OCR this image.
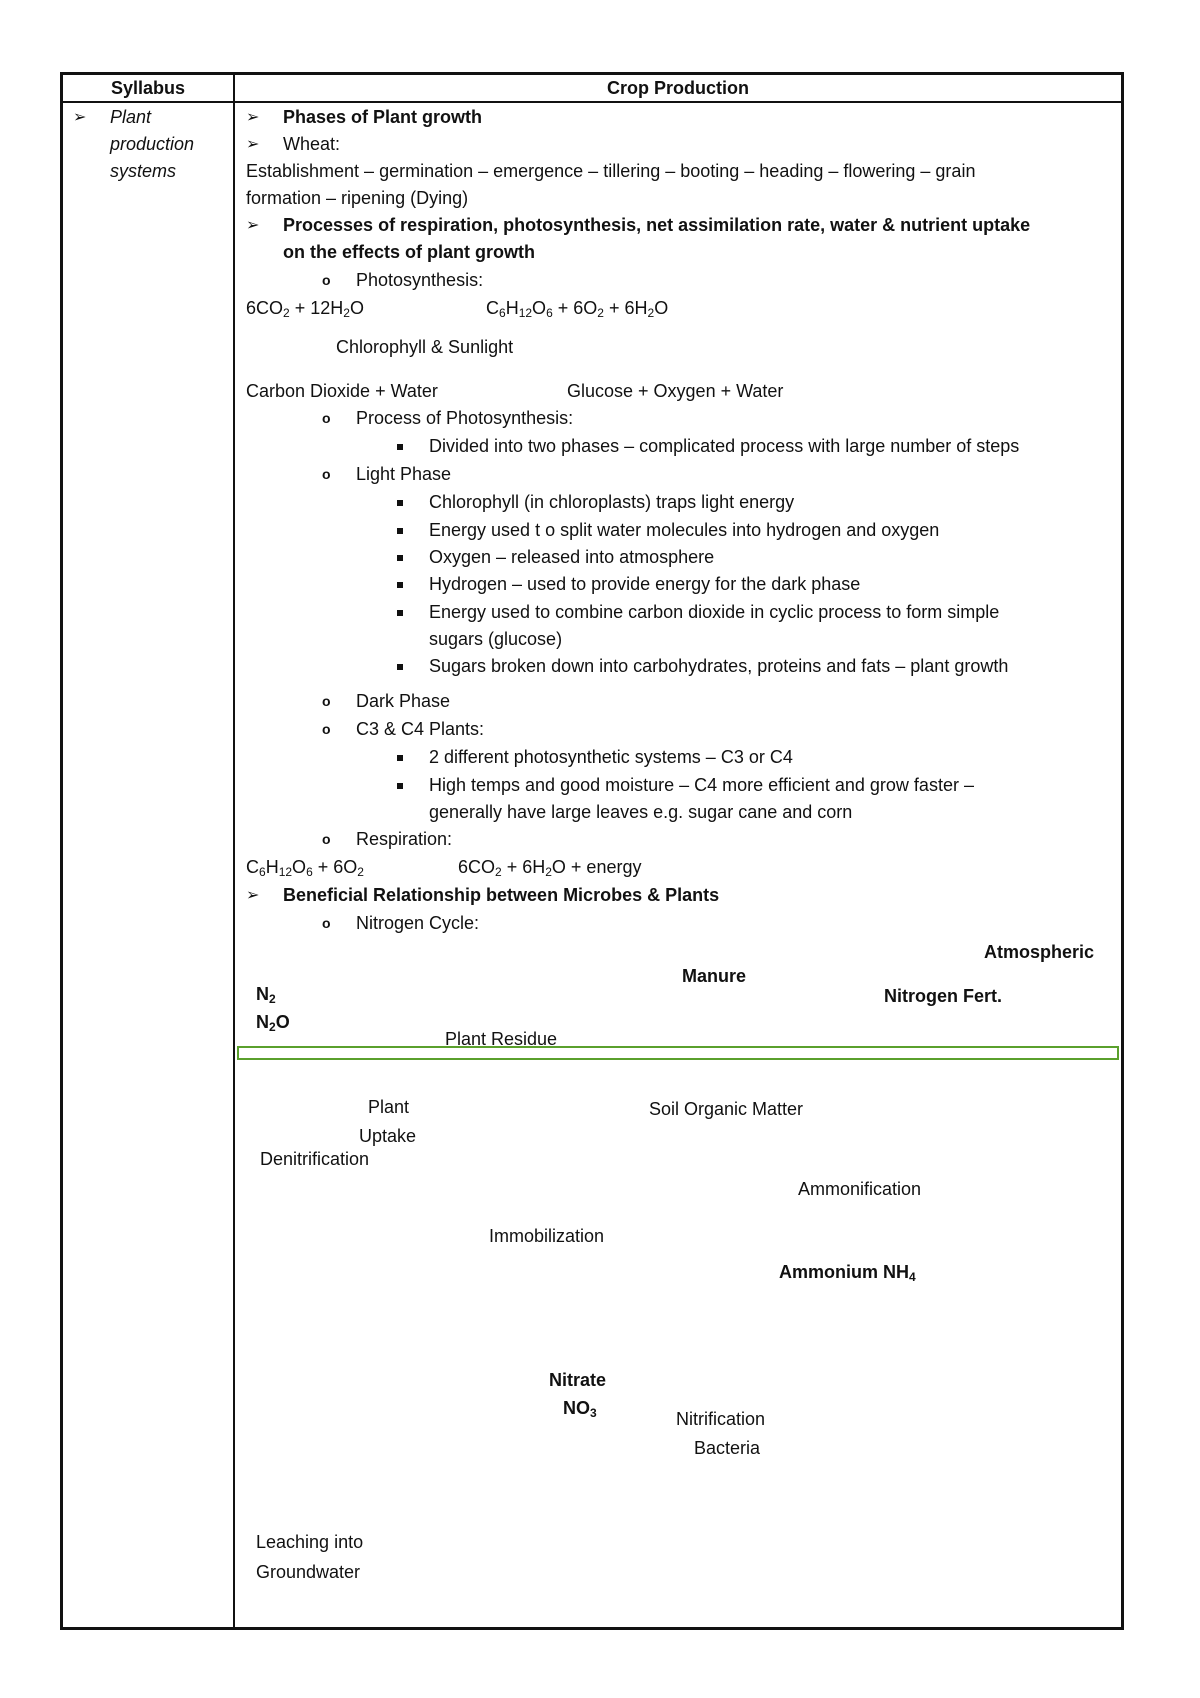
Syllabus	Crop Production
➢ Plant
production
systems
➢ Phases of Plant growth
➢ Wheat:
Establishment – germination – emergence – tillering – booting – heading – flowering – grain
formation – ripening (Dying)
➢ Processes of respiration, photosynthesis, net assimilation rate, water & nutrient uptake
on the effects of plant growth
o Photosynthesis:
$6CO_2 + 12H_2O$	$C_6H_{12}O_6 + 6O_2 + 6H_2O$
Chlorophyll & Sunlight
Carbon Dioxide + Water	Glucose + Oxygen + Water
o Process of Photosynthesis:
Divided into two phases – complicated process with large number of steps
o Light Phase
Chlorophyll (in chloroplasts) traps light energy
Energy used t o split water molecules into hydrogen and oxygen
Oxygen – released into atmosphere
Hydrogen – used to provide energy for the dark phase
Energy used to combine carbon dioxide in cyclic process to form simple
sugars (glucose)
Sugars broken down into carbohydrates, proteins and fats – plant growth
o Dark Phase
o C3 & C4 Plants:
2 different photosynthetic systems – C3 or C4
High temps and good moisture – C4 more efficient and grow faster –
generally have large leaves e.g. sugar cane and corn
o Respiration:
$C_6H_{12}O_6 + 6O_2$	$6CO_2 + 6H_2O$ + energy
➢ Beneficial Relationship between Microbes & Plants
o Nitrogen Cycle:
Atmospheric
Manure
$N_2$	Nitrogen Fert.
$N_2O$
Plant Residue
Plant	Soil Organic Matter
Uptake
Denitrification
Ammonification
Immobilization
Ammonium $NH_4$
Nitrate
$NO_3$	Nitrification
Bacteria
Leaching into
Groundwater
